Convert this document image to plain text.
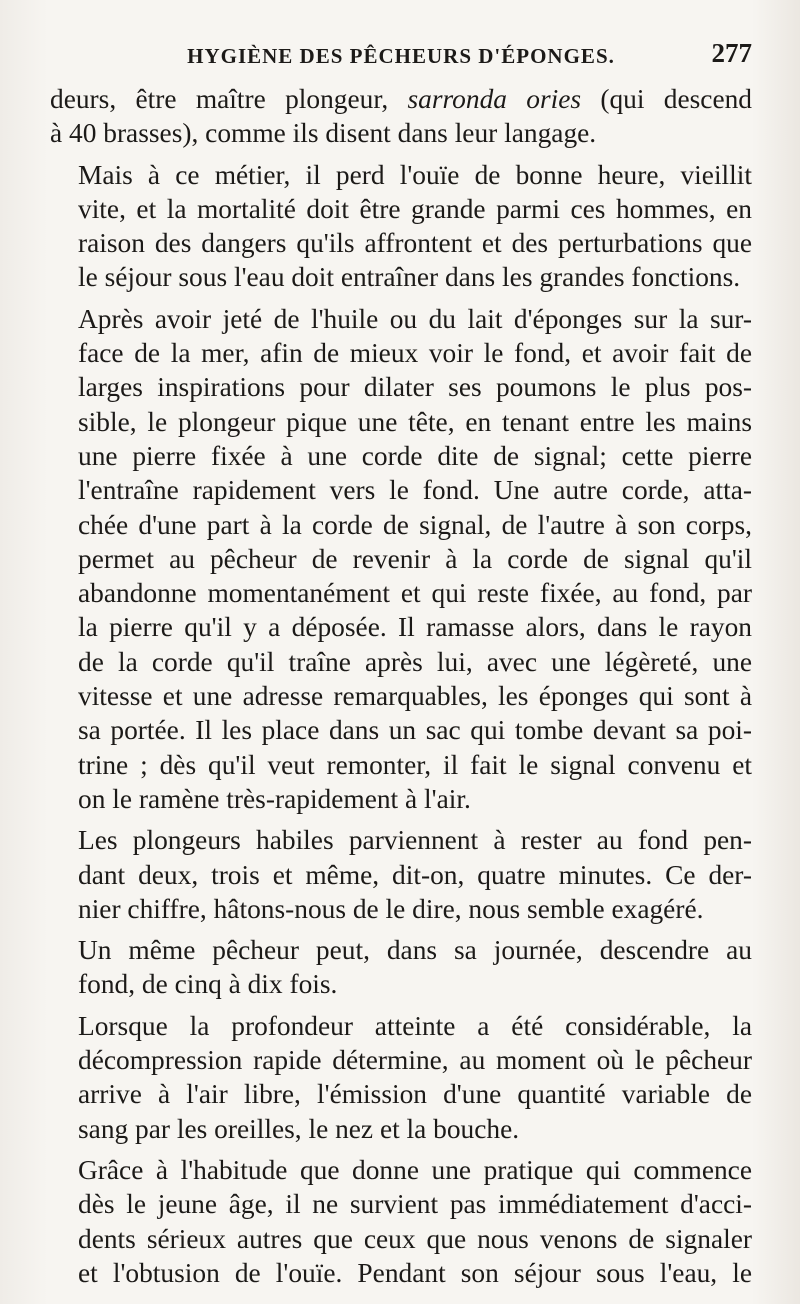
HYGIÈNE DES PÊCHEURS D'ÉPONGES.	277

deurs, être maître plongeur, sarronda ories (qui descend
à 40 brasses), comme ils disent dans leur langage.

Mais à ce métier, il perd l'ouïe de bonne heure, vieillit
vite, et la mortalité doit être grande parmi ces hommes, en
raison des dangers qu'ils affrontent et des perturbations que
le séjour sous l'eau doit entraîner dans les grandes fonctions.

Après avoir jeté de l'huile ou du lait d'éponges sur la sur-
face de la mer, afin de mieux voir le fond, et avoir fait de
larges inspirations pour dilater ses poumons le plus pos-
sible, le plongeur pique une tête, en tenant entre les mains
une pierre fixée à une corde dite de signal; cette pierre
l'entraîne rapidement vers le fond. Une autre corde, atta-
chée d'une part à la corde de signal, de l'autre à son corps,
permet au pêcheur de revenir à la corde de signal qu'il
abandonne momentanément et qui reste fixée, au fond, par
la pierre qu'il y a déposée. Il ramasse alors, dans le rayon
de la corde qu'il traîne après lui, avec une légèreté, une
vitesse et une adresse remarquables, les éponges qui sont à
sa portée. Il les place dans un sac qui tombe devant sa poi-
trine ; dès qu'il veut remonter, il fait le signal convenu et
on le ramène très-rapidement à l'air.

Les plongeurs habiles parviennent à rester au fond pen-
dant deux, trois et même, dit-on, quatre minutes. Ce der-
nier chiffre, hâtons-nous de le dire, nous semble exagéré.

Un même pêcheur peut, dans sa journée, descendre au
fond, de cinq à dix fois.

Lorsque la profondeur atteinte a été considérable, la
décompression rapide détermine, au moment où le pêcheur
arrive à l'air libre, l'émission d'une quantité variable de
sang par les oreilles, le nez et la bouche.

Grâce à l'habitude que donne une pratique qui commence
dès le jeune âge, il ne survient pas immédiatement d'acci-
dents sérieux autres que ceux que nous venons de signaler
et l'obtusion de l'ouïe. Pendant son séjour sous l'eau, le
